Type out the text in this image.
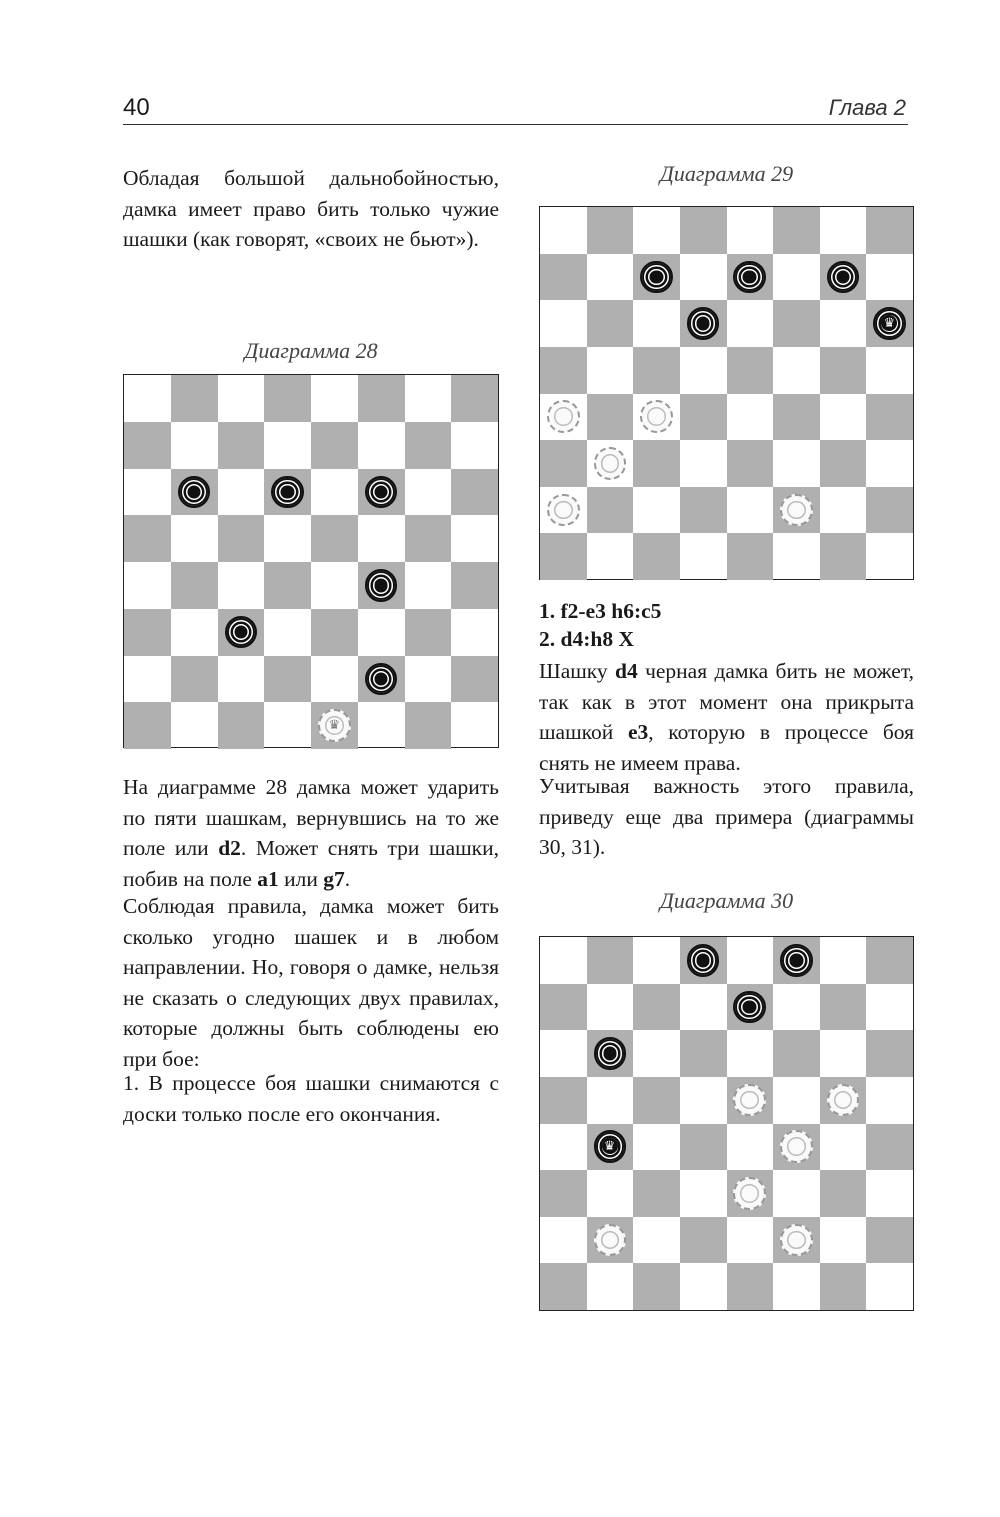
40	Глава 2

Обладая большой дальнобойностью, дамка имеет право бить только чужие шашки (как говорят, «своих не бьют»).

Диаграмма 28
♛

На диаграмме 28 дамка может ударить по пяти шашкам, вернувшись на то же поле или d2. Может снять три шашки, побив на поле a1 или g7.

Соблюдая правила, дамка может бить сколько угодно шашек и в любом направлении. Но, говоря о дамке, нельзя не сказать о следующих двух правилах, которые должны быть соблюдены ею при бое:

1. В процессе боя шашки снимаются с доски только после его окончания.

Диаграмма 29
♛

1. f2-e3 h6:c5

2. d4:h8 X

Шашку d4 черная дамка бить не может, так как в этот момент она прикрыта шашкой e3, которую в процессе боя снять не имеем права.

Учитывая важность этого правила, приведу еще два примера (диаграммы 30, 31).

Диаграмма 30
♛
